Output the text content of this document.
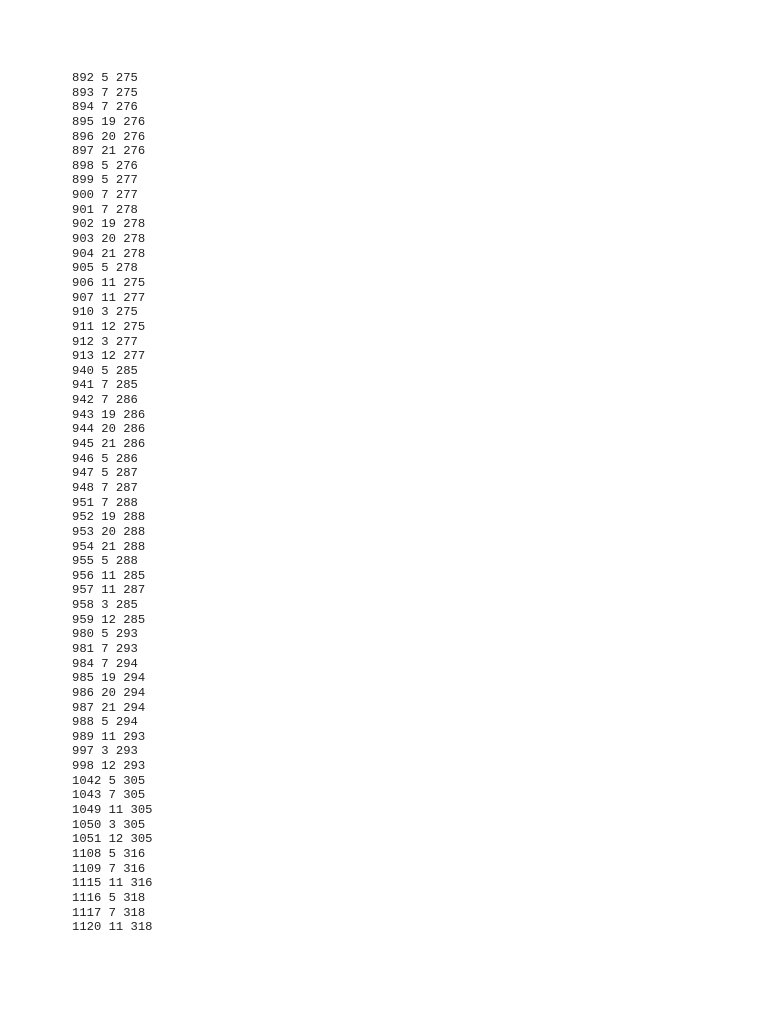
892 5 275
893 7 275
894 7 276
895 19 276
896 20 276
897 21 276
898 5 276
899 5 277
900 7 277
901 7 278
902 19 278
903 20 278
904 21 278
905 5 278
906 11 275
907 11 277
910 3 275
911 12 275
912 3 277
913 12 277
940 5 285
941 7 285
942 7 286
943 19 286
944 20 286
945 21 286
946 5 286
947 5 287
948 7 287
951 7 288
952 19 288
953 20 288
954 21 288
955 5 288
956 11 285
957 11 287
958 3 285
959 12 285
980 5 293
981 7 293
984 7 294
985 19 294
986 20 294
987 21 294
988 5 294
989 11 293
997 3 293
998 12 293
1042 5 305
1043 7 305
1049 11 305
1050 3 305
1051 12 305
1108 5 316
1109 7 316
1115 11 316
1116 5 318
1117 7 318
1120 11 318
